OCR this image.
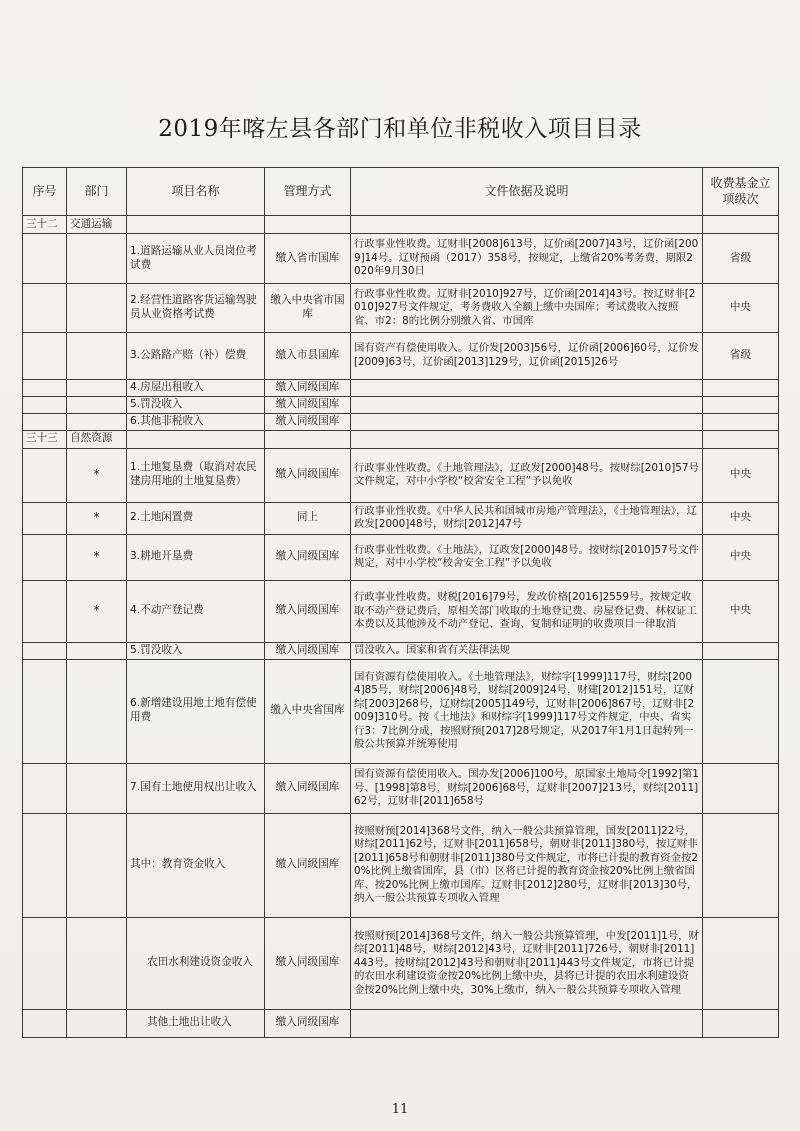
2019年喀左县各部门和单位非税收入项目目录
序号	部门	项目名称	管理方式	文件依据及说明	收费基金立项级次
三十二	交通运输				
		1.道路运输从业人员岗位考试费	缴入省市国库	行政事业性收费。辽财非[2008]613号，辽价函[2007]43号，辽价函[2009]14号。辽财预函（2017）358号，按规定，上缴省20%考务费，期限2020年9月30日	省级
		2.经营性道路客货运输驾驶员从业资格考试费	缴入中央省市国库	行政事业性收费。辽财非[2010]927号，辽价函[2014]43号。按辽财非[2010]927号文件规定，考务费收入全额上缴中央国库；考试费收入按照省、市2：8的比例分别缴入省、市国库	中央
		3.公路路产赔（补）偿费	缴入市县国库	国有资产有偿使用收入。辽价发[2003]56号，辽价函[2006]60号，辽价发[2009]63号，辽价函[2013]129号，辽价函[2015]26号	省级
		4.房屋出租收入	缴入同级国库		
		5.罚没收入	缴入同级国库		
		6.其他非税收入	缴入同级国库		
三十三	自然资源				
	*	1.土地复垦费（取消对农民建房用地的土地复垦费）	缴入同级国库	行政事业性收费。《土地管理法》，辽政发[2000]48号。按财综[2010]57号文件规定，对中小学校“校舍安全工程”予以免收	中央
	*	2.土地闲置费	同上	行政事业性收费。《中华人民共和国城市房地产管理法》，《土地管理法》，辽政发[2000]48号，财综[2012]47号	中央
	*	3.耕地开垦费	缴入同级国库	行政事业性收费。《土地法》，辽政发[2000]48号。按财综[2010]57号文件规定，对中小学校“校舍安全工程”予以免收	中央
	*	4.不动产登记费	缴入同级国库	行政事业性收费。财税[2016]79号，发改价格[2016]2559号。按规定收取不动产登记费后，原相关部门收取的土地登记费、房屋登记费、林权证工本费以及其他涉及不动产登记、查询、复制和证明的收费项目一律取消	中央
		5.罚没收入	缴入同级国库	罚没收入。国家和省有关法律法规	
		6.新增建设用地土地有偿使用费	缴入中央省国库	国有资源有偿使用收入。《土地管理法》，财综字[1999]117号，财综[2004]85号，财综[2006]48号，财综[2009]24号，财建[2012]151号，辽财综[2003]268号，辽财综[2005]149号，辽财非[2006]867号，辽财非[2009]310号。按《土地法》和财综字[1999]117号文件规定，中央、省实行3：7比例分成，按照财预[2017]28号规定，从2017年1月1日起转列一般公共预算并统筹使用	
		7.国有土地使用权出让收入	缴入同级国库	国有资源有偿使用收入。国办发[2006]100号，原国家土地局令[1992]第1号、[1998]第8号，财综[2006]68号，辽财非[2007]213号，财综[2011]62号，辽财非[2011]658号	
		其中：教育资金收入	缴入同级国库	按照财预[2014]368号文件，纳入一般公共预算管理，国发[2011]22号，财综[2011]62号，辽财非[2011]658号，朝财非[2011]380号，按辽财非[2011]658号和朝财非[2011]380号文件规定，市将已计提的教育资金按20%比例上缴省国库，县（市）区将已计提的教育资金按20%比例上缴省国库、按20%比例上缴市国库。辽财非[2012]280号，辽财非[2013]30号，纳入一般公共预算专项收入管理	
		农田水利建设资金收入	缴入同级国库	按照财预[2014]368号文件，纳入一般公共预算管理，中发[2011]1号，财综[2011]48号，财综[2012]43号，辽财非[2011]726号，朝财非[2011]443号。按财综[2012]43号和朝财非[2011]443号文件规定，市将已计提的农田水利建设资金按20%比例上缴中央，县将已计提的农田水利建设资金按20%比例上缴中央，30%上缴市，纳入一般公共预算专项收入管理	
		其他土地出让收入	缴入同级国库		
11
